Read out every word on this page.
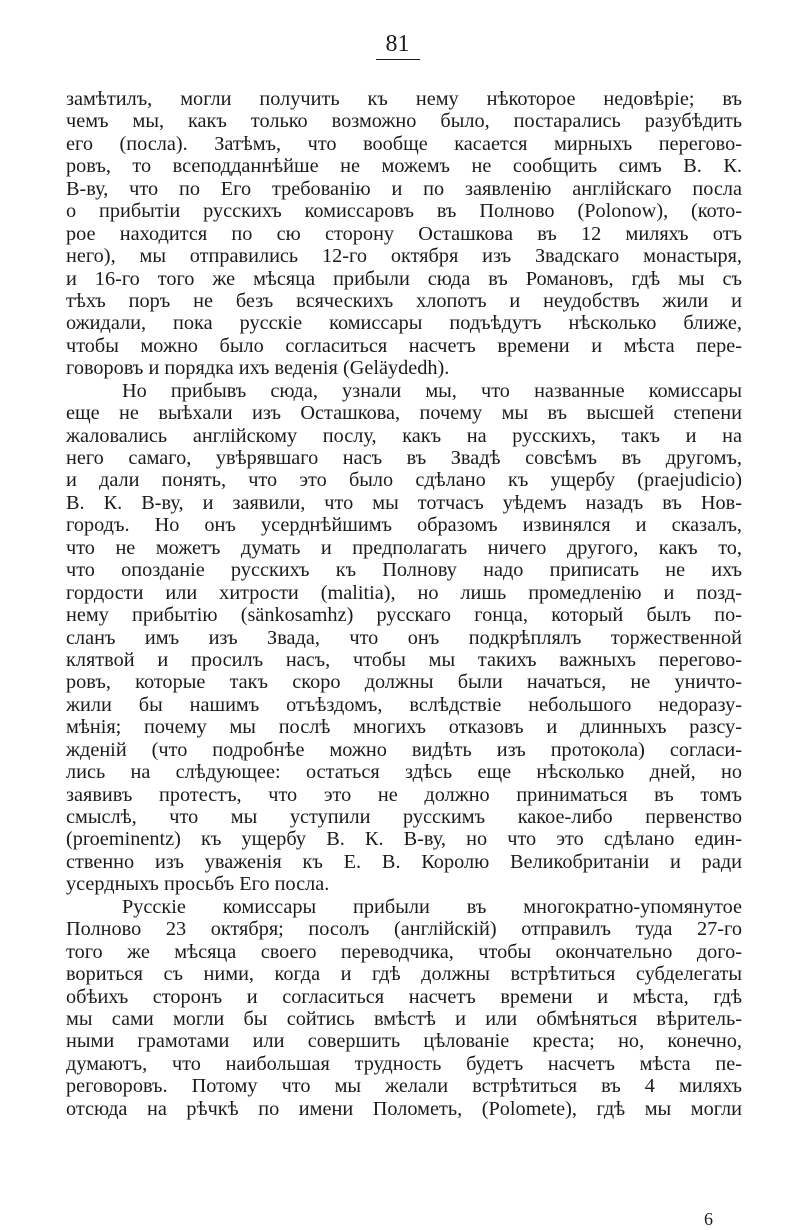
81
замѣтилъ, могли получить къ нему нѣкоторое недовѣріе; въ
чемъ мы, какъ только возможно было, постарались разубѣдить
его (посла). Затѣмъ, что вообще касается мирныхъ перегово-
ровъ, то всеподданнѣйше не можемъ не сообщить симъ В. К.
В-ву, что по Его требованію и по заявленію англійскаго посла
о прибытіи русскихъ комиссаровъ въ Полново (Polonow), (кото-
рое находится по сю сторону Осташкова въ 12 миляхъ отъ
него), мы отправились 12-го октября изъ Звадскаго монастыря,
и 16-го того же мѣсяца прибыли сюда въ Романовъ, гдѣ мы съ
тѣхъ поръ не безъ всяческихъ хлопотъ и неудобствъ жили и
ожидали, пока русскіе комиссары подъѣдутъ нѣсколько ближе,
чтобы можно было согласиться насчетъ времени и мѣста пере-
говоровъ и порядка ихъ веденія (Geläydedh).
Но прибывъ сюда, узнали мы, что названные комиссары
еще не выѣхали изъ Осташкова, почему мы въ высшей степени
жаловались англійскому послу, какъ на русскихъ, такъ и на
него самаго, увѣрявшаго насъ въ Звадѣ совсѣмъ въ другомъ,
и дали понять, что это было сдѣлано къ ущербу (praejudicio)
В. К. В-ву, и заявили, что мы тотчасъ уѣдемъ назадъ въ Нов-
городъ. Но онъ усерднѣйшимъ образомъ извинялся и сказалъ,
что не можетъ думать и предполагать ничего другого, какъ то,
что опозданіе русскихъ къ Полнову надо приписать не ихъ
гордости или хитрости (malitia), но лишь промедленію и позд-
нему прибытію (sänkosamhz) русскаго гонца, который былъ по-
сланъ имъ изъ Звада, что онъ подкрѣплялъ торжественной
клятвой и просилъ насъ, чтобы мы такихъ важныхъ перегово-
ровъ, которые такъ скоро должны были начаться, не уничто-
жили бы нашимъ отъѣздомъ, вслѣдствіе небольшого недоразу-
мѣнія; почему мы послѣ многихъ отказовъ и длинныхъ разсу-
жденій (что подробнѣе можно видѣть изъ протокола) согласи-
лись на слѣдующее: остаться здѣсь еще нѣсколько дней, но
заявивъ протестъ, что это не должно приниматься въ томъ
смыслѣ, что мы уступили русскимъ какое-либо первенство
(proeminentz) къ ущербу В. К. В-ву, но что это сдѣлано един-
ственно изъ уваженія къ Е. В. Королю Великобританіи и ради
усердныхъ просьбъ Его посла.
Русскіе комиссары прибыли въ многократно-упомянутое
Полново 23 октября; посолъ (англійскій) отправилъ туда 27-го
того же мѣсяца своего переводчика, чтобы окончательно дого-
вориться съ ними, когда и гдѣ должны встрѣтиться субделегаты
обѣихъ сторонъ и согласиться насчетъ времени и мѣста, гдѣ
мы сами могли бы сойтись вмѣстѣ и или обмѣняться вѣритель-
ными грамотами или совершить цѣлованіе креста; но, конечно,
думаютъ, что наибольшая трудность будетъ насчетъ мѣста пе-
реговоровъ. Потому что мы желали встрѣтиться въ 4 миляхъ
отсюда на рѣчкѣ по имени Полометь, (Polomete), гдѣ мы могли
6
